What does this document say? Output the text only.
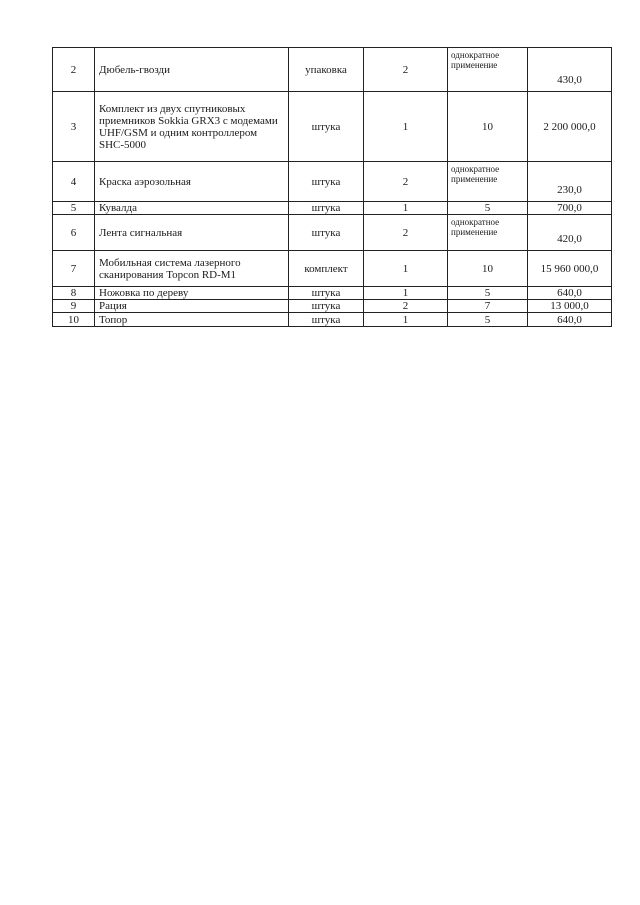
2	Дюбель-гвозди	упаковка	2	однократное применение	430,0
3	Комплект из двух спутниковых приемников Sokkia GRX3 с модемами UHF/GSM и одним контроллером SHC-5000	штука	1	10	2 200 000,0
4	Краска аэрозольная	штука	2	однократное применение	230,0
5	Кувалда	штука	1	5	700,0
6	Лента сигнальная	штука	2	однократное применение	420,0
7	Мобильная система лазерного сканирования Topcon RD-M1	комплект	1	10	15 960 000,0
8	Ножовка по дереву	штука	1	5	640,0
9	Рация	штука	2	7	13 000,0
10	Топор	штука	1	5	640,0
